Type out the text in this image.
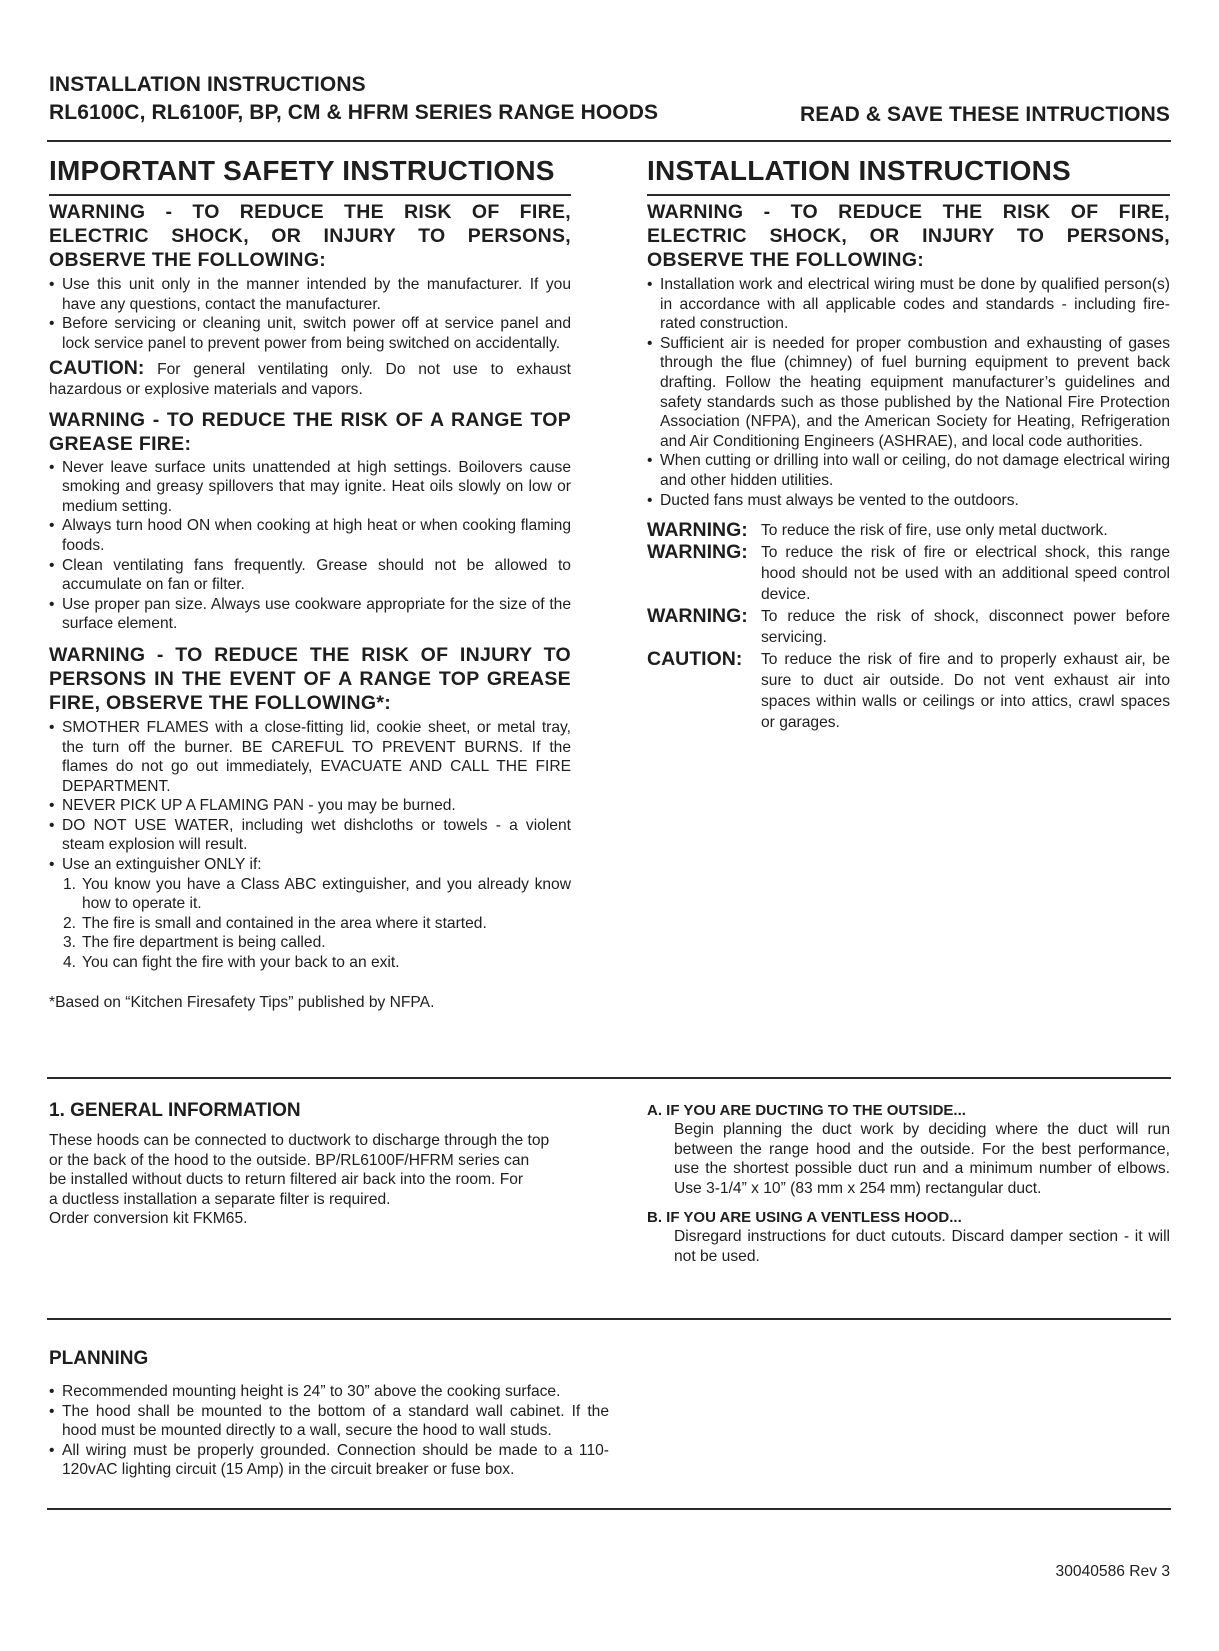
INSTALLATION INSTRUCTIONS
RL6100C, RL6100F, BP, CM & HFRM SERIES RANGE HOODS	READ & SAVE THESE INTRUCTIONS
IMPORTANT SAFETY INSTRUCTIONS

WARNING - TO REDUCE THE RISK OF FIRE, ELECTRIC SHOCK, OR INJURY TO PERSONS, OBSERVE THE FOLLOWING:

• Use this unit only in the manner intended by the manufacturer. If you have any questions, contact the manufacturer.
• Before servicing or cleaning unit, switch power off at service panel and lock service panel to prevent power from being switched on accidentally.

CAUTION: For general ventilating only. Do not use to exhaust hazardous or explosive materials and vapors.

WARNING - TO REDUCE THE RISK OF A RANGE TOP GREASE FIRE:

• Never leave surface units unattended at high settings. Boilovers cause smoking and greasy spillovers that may ignite. Heat oils slowly on low or medium setting.
• Always turn hood ON when cooking at high heat or when cooking flaming foods.
• Clean ventilating fans frequently. Grease should not be allowed to accumulate on fan or filter.
• Use proper pan size. Always use cookware appropriate for the size of the surface element.

WARNING - TO REDUCE THE RISK OF INJURY TO PERSONS IN THE EVENT OF A RANGE TOP GREASE FIRE, OBSERVE THE FOLLOWING*:

• SMOTHER FLAMES with a close-fitting lid, cookie sheet, or metal tray, the turn off the burner. BE CAREFUL TO PREVENT BURNS. If the flames do not go out immediately, EVACUATE AND CALL THE FIRE DEPARTMENT.
• NEVER PICK UP A FLAMING PAN - you may be burned.
• DO NOT USE WATER, including wet dishcloths or towels - a violent steam explosion will result.
• Use an extinguisher ONLY if:
1. You know you have a Class ABC extinguisher, and you already know how to operate it.
2. The fire is small and contained in the area where it started.
3. The fire department is being called.
4. You can fight the fire with your back to an exit.

*Based on “Kitchen Firesafety Tips” published by NFPA.

INSTALLATION INSTRUCTIONS

WARNING - TO REDUCE THE RISK OF FIRE, ELECTRIC SHOCK, OR INJURY TO PERSONS, OBSERVE THE FOLLOWING:

• Installation work and electrical wiring must be done by qualified person(s) in accordance with all applicable codes and standards - including fire-rated construction.
• Sufficient air is needed for proper combustion and exhausting of gases through the flue (chimney) of fuel burning equipment to prevent back drafting. Follow the heating equipment manufacturer’s guidelines and safety standards such as those published by the National Fire Protection Association (NFPA), and the American Society for Heating, Refrigeration and Air Conditioning Engineers (ASHRAE), and local code authorities.
• When cutting or drilling into wall or ceiling, do not damage electrical wiring and other hidden utilities.
• Ducted fans must always be vented to the outdoors.
WARNING: To reduce the risk of fire, use only metal ductwork.
WARNING: To reduce the risk of fire or electrical shock, this range hood should not be used with an additional speed control device.
WARNING: To reduce the risk of shock, disconnect power before servicing.
CAUTION:	To reduce the risk of fire and to properly exhaust air, be sure to duct air outside. Do not vent exhaust air into spaces within walls or ceilings or into attics, crawl spaces or garages.
1. GENERAL INFORMATION
These hoods can be connected to ductwork to discharge through the top
or the back of the hood to the outside. BP/RL6100F/HFRM series can
be installed without ducts to return filtered air back into the room. For
a ductless installation a separate filter is required.
Order conversion kit FKM65.
A. IF YOU ARE DUCTING TO THE OUTSIDE...
Begin planning the duct work by deciding where the duct will run between the range hood and the outside. For the best performance, use the shortest possible duct run and a minimum number of elbows. Use 3-1/4” x 10” (83 mm x 254 mm) rectangular duct.
B. IF YOU ARE USING A VENTLESS HOOD...
Disregard instructions for duct cutouts. Discard damper section - it will not be used.
PLANNING
• Recommended mounting height is 24” to 30” above the cooking surface.
• The hood shall be mounted to the bottom of a standard wall cabinet. If the hood must be mounted directly to a wall, secure the hood to wall studs.
• All wiring must be properly grounded. Connection should be made to a 110-120vAC lighting circuit (15 Amp) in the circuit breaker or fuse box.
30040586 Rev 3
